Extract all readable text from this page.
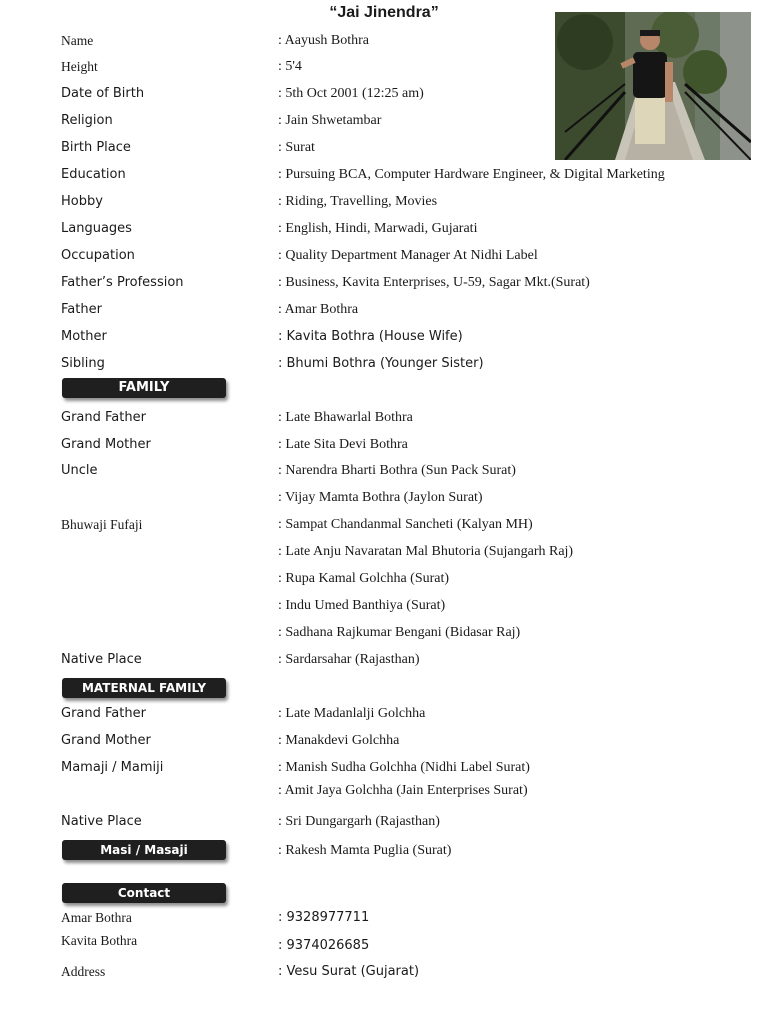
“Jai Jinendra”
Name	: Aayush Bothra
Height	: 5'4
Date of Birth	: 5th Oct 2001 (12:25 am)
Religion	: Jain Shwetambar
Birth Place	: Surat
Education	: Pursuing BCA, Computer Hardware Engineer, & Digital Marketing
Hobby	: Riding, Travelling, Movies
Languages	: English, Hindi, Marwadi, Gujarati
Occupation	: Quality Department Manager At Nidhi Label
Father’s Profession	: Business, Kavita Enterprises, U-59, Sagar Mkt.(Surat)
Father	: Amar Bothra
Mother	: Kavita Bothra (House Wife)
Sibling	: Bhumi Bothra (Younger Sister)
FAMILY
Grand Father	: Late Bhawarlal Bothra
Grand Mother	: Late Sita Devi Bothra
Uncle	: Narendra Bharti Bothra (Sun Pack Surat)
: Vijay Mamta Bothra (Jaylon Surat)
Bhuwaji Fufaji	: Sampat Chandanmal Sancheti (Kalyan MH)
: Late Anju Navaratan Mal Bhutoria (Sujangarh Raj)
: Rupa Kamal Golchha (Surat)
: Indu Umed Banthiya (Surat)
: Sadhana Rajkumar Bengani (Bidasar Raj)
Native Place	: Sardarsahar (Rajasthan)
MATERNAL FAMILY
Grand Father	: Late Madanlalji Golchha
Grand Mother	: Manakdevi Golchha
Mamaji / Mamiji	: Manish Sudha Golchha (Nidhi Label Surat)
: Amit Jaya Golchha (Jain Enterprises Surat)
Native Place	: Sri Dungargarh (Rajasthan)
Masi / Masaji	: Rakesh Mamta Puglia (Surat)
Contact
Amar Bothra	: 9328977711
Kavita Bothra	: 9374026685
Address	: Vesu Surat (Gujarat)
